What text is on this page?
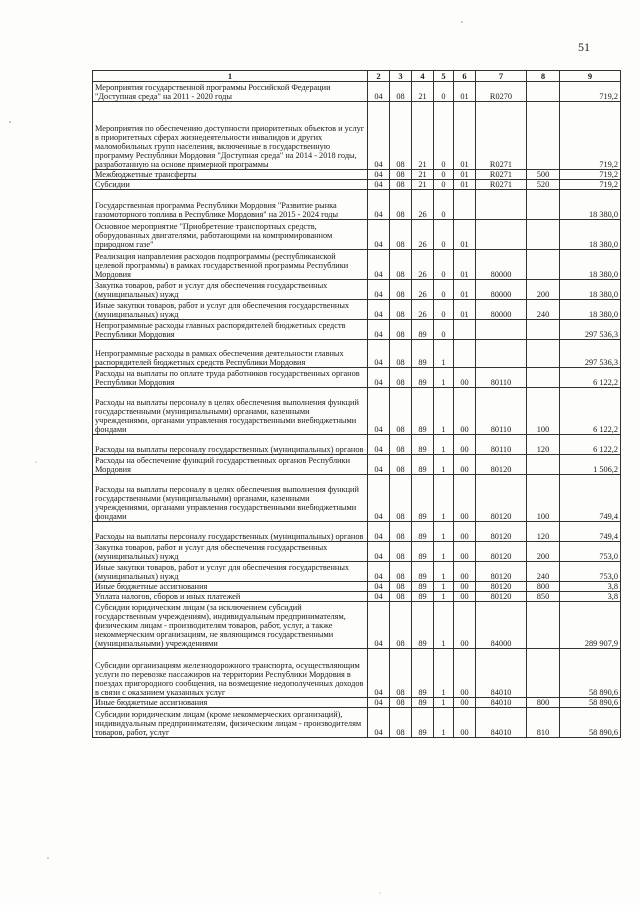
51
1	2	3	4	5	6	7	8	9
Мероприятия государственной программы Российской Федерации "Доступная среда" на 2011 - 2020 годы	04	08	21	0	01	R0270		719,2
Мероприятия по обеспечению доступности приоритетных объектов и услуг в приоритетных сферах жизнедеятельности инвалидов и других маломобильных групп населения, включенные в государственную программу Республики Мордовия "Доступная среда" на 2014 - 2018 годы, разработанную на основе примерной программы	04	08	21	0	01	R0271		719,2
Межбюджетные трансферты	04	08	21	0	01	R0271	500	719,2
Субсидии	04	08	21	0	01	R0271	520	719,2
Государственная программа Республики Мордовия "Развитие рынка газомоторного топлива в Республике Мордовия" на 2015 - 2024 годы	04	08	26	0				18 380,0
Основное мероприятие "Приобретение транспортных средств, оборудованных двигателями, работающими на компримированном природном газе"	04	08	26	0	01			18 380,0
Реализация направления расходов подпрограммы (республиканской целевой программы) в рамках государственной программы Республики Мордовия	04	08	26	0	01	80000		18 380,0
Закупка товаров, работ и услуг для обеспечения государственных (муниципальных) нужд	04	08	26	0	01	80000	200	18 380,0
Иные закупки товаров, работ и услуг для обеспечения государственных (муниципальных) нужд	04	08	26	0	01	80000	240	18 380,0
Непрограммные расходы главных распорядителей бюджетных средств Республики Мордовия	04	08	89	0				297 536,3
Непрограммные расходы в рамках обеспечения деятельности главных распорядителей бюджетных средств Республики Мордовия	04	08	89	1				297 536,3
Расходы на выплаты по оплате труда работников государственных органов Республики Мордовия	04	08	89	1	00	80110		6 122,2
Расходы на выплаты персоналу в целях обеспечения выполнения функций государственными (муниципальными) органами, казенными учреждениями, органами управления государственными внебюджетными фондами	04	08	89	1	00	80110	100	6 122,2
Расходы на выплаты персоналу государственных (муниципальных) органов	04	08	89	1	00	80110	120	6 122,2
Расходы на обеспечение функций государственных органов Республики Мордовия	04	08	89	1	00	80120		1 506,2
Расходы на выплаты персоналу в целях обеспечения выполнения функций государственными (муниципальными) органами, казенными учреждениями, органами управления государственными внебюджетными фондами	04	08	89	1	00	80120	100	749,4
Расходы на выплаты персоналу государственных (муниципальных) органов	04	08	89	1	00	80120	120	749,4
Закупка товаров, работ и услуг для обеспечения государственных (муниципальных) нужд	04	08	89	1	00	80120	200	753,0
Иные закупки товаров, работ и услуг для обеспечения государственных (муниципальных) нужд	04	08	89	1	00	80120	240	753,0
Иные бюджетные ассигнования	04	08	89	1	00	80120	800	3,8
Уплата налогов, сборов и иных платежей	04	08	89	1	00	80120	850	3,8
Субсидии юридическим лицам (за исключением субсидий государственным учреждениям), индивидуальным предпринимателям, физическим лицам - производителям товаров, работ, услуг, а также некоммерческим организациям, не являющимся государственными (муниципальными) учреждениями	04	08	89	1	00	84000		289 907,9
Субсидии организациям железнодорожного транспорта, осуществляющим услуги по перевозке пассажиров на территории Республики Мордовия в поездах пригородного сообщения, на возмещение недополученных доходов в связи с оказанием указанных услуг	04	08	89	1	00	84010		58 890,6
Иные бюджетные ассигнования	04	08	89	1	00	84010	800	58 890,6
Субсидии юридическим лицам (кроме некоммерческих организаций), индивидуальным предпринимателям, физическим лицам - производителям товаров, работ, услуг	04	08	89	1	00	84010	810	58 890,6
